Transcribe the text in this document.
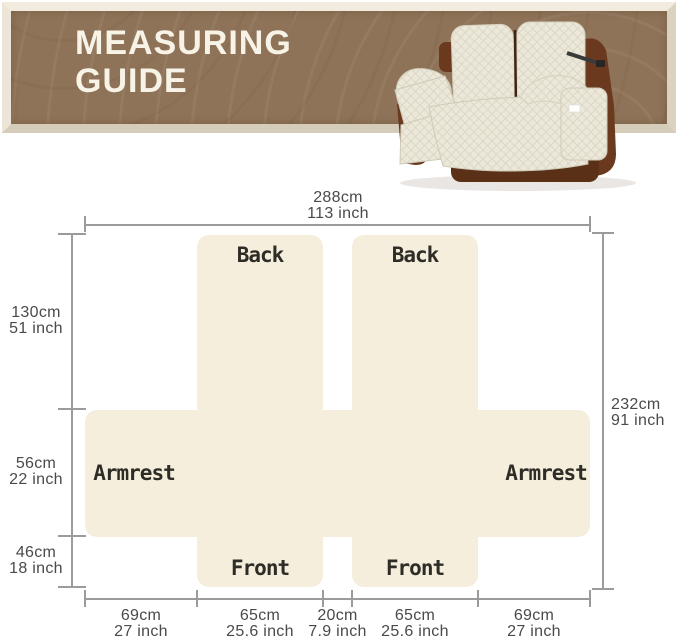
MEASURING
GUIDE
Back	Back
Armrest	Armrest
Front	Front
288cm
113 inch
130cm
51 inch
56cm
22 inch
46cm
18 inch
232cm
91 inch
69cm
27 inch
65cm
25.6 inch
20cm
7.9 inch
65cm
25.6 inch
69cm
27 inch
